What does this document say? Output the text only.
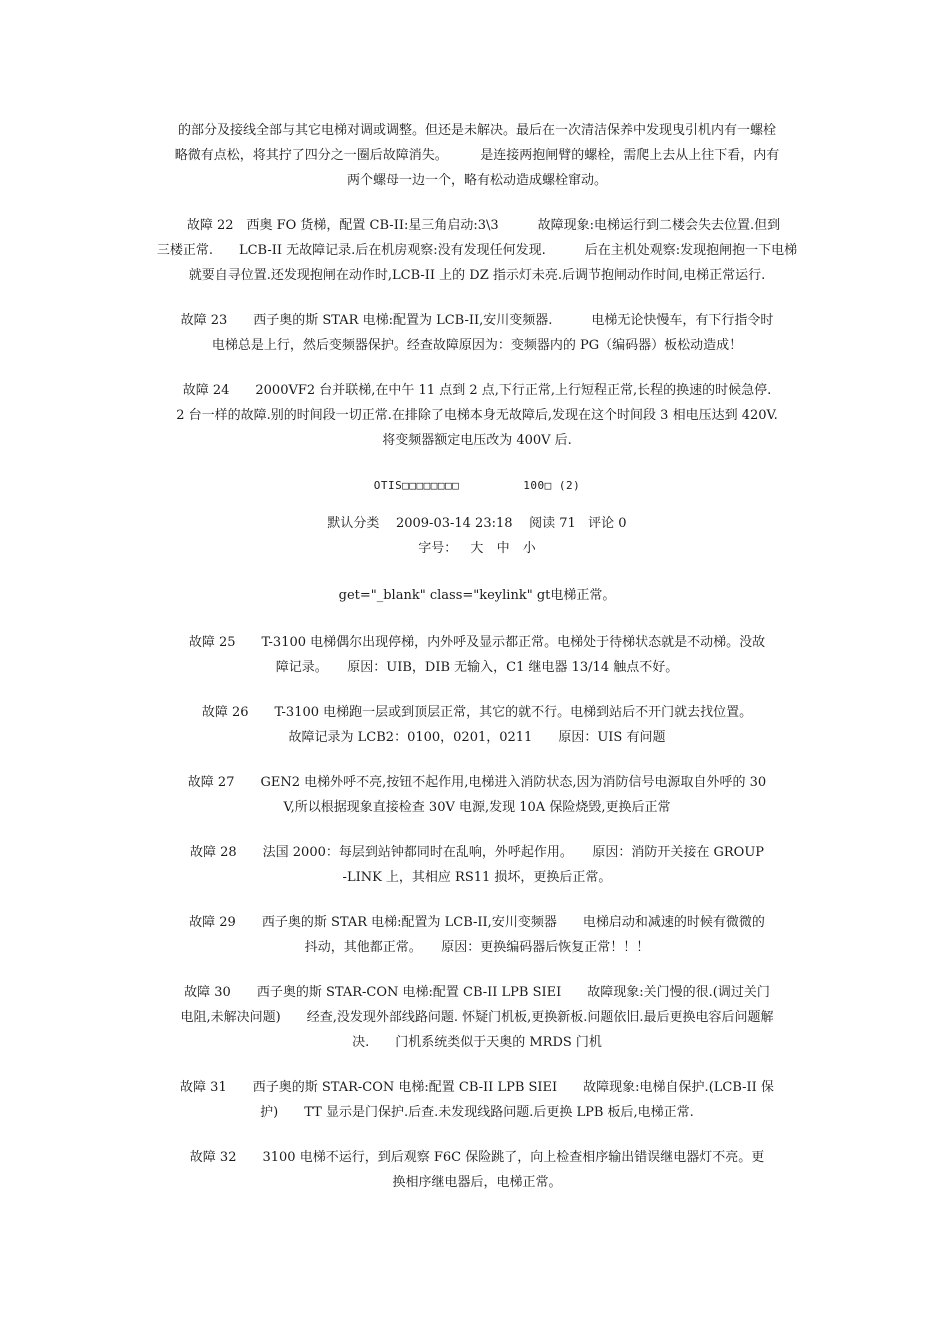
的部分及接线全部与其它电梯对调或调整。但还是未解决。最后在一次清洁保养中发现曳引机内有一螺栓

略微有点松，将其拧了四分之一圈后故障消失。　　　是连接两抱闸臂的螺栓，需爬上去从上往下看，内有

两个螺母一边一个，略有松动造成螺栓窜动。

　故障 22　西奥 FO 货梯，配置 CB-II:星三角启动:3\3　　　故障现象:电梯运行到二楼会失去位置.但到

三楼正常.　　LCB-II 无故障记录.后在机房观察:没有发现任何发现.　　　后在主机处观察:发现抱闸抱一下电梯

就要自寻位置.还发现抱闸在动作时,LCB-II 上的 DZ 指示灯未亮.后调节抱闸动作时间,电梯正常运行.

故障 23　　西子奥的斯 STAR 电梯:配置为 LCB-II,安川变频器.　　　电梯无论快慢车，有下行指令时

电梯总是上行，然后变频器保护。经查故障原因为：变频器内的 PG（编码器）板松动造成！

故障 24　　2000VF2 台并联梯,在中午 11 点到 2 点,下行正常,上行短程正常,长程的换速的时候急停.

2 台一样的故障.别的时间段一切正常.在排除了电梯本身无故障后,发现在这个时间段 3 相电压达到 420V.

将变频器额定电压改为 400V 后.

OTIS□□□□□□□□	100□ (2)
默认分类 2009-03-14 23:18 阅读 71 评论 0
字号： 大 中 小
get="_blank" class="keylink" gt电梯正常。

故障 25　　T-3100 电梯偶尔出现停梯，内外呼及显示都正常。电梯处于待梯状态就是不动梯。没故

障记录。　　原因：UIB，DIB 无输入，C1 继电器 13/14 触点不好。

故障 26　　T-3100 电梯跑一层或到顶层正常，其它的就不行。电梯到站后不开门就去找位置。

故障记录为 LCB2：0100，0201，0211　　原因：UIS 有问题

故障 27　　GEN2 电梯外呼不亮,按钮不起作用,电梯进入消防状态,因为消防信号电源取自外呼的 30

V,所以根据现象直接检查 30V 电源,发现 10A 保险烧毁,更换后正常

故障 28　　法国 2000：每层到站钟都同时在乱响，外呼起作用。　　原因：消防开关接在 GROUP

-LINK 上，其相应 RS11 损坏，更换后正常。

故障 29　　西子奥的斯 STAR 电梯:配置为 LCB-II,安川变频器　　电梯启动和减速的时候有微微的

抖动，其他都正常。　　原因：更换编码器后恢复正常！！！

故障 30　　西子奥的斯 STAR-CON 电梯:配置 CB-II LPB SIEI　　故障现象:关门慢的很.(调过关门

电阻,未解决问题)　　经查,没发现外部线路问题. 怀疑门机板,更换新板.问题依旧.最后更换电容后问题解

决.　　门机系统类似于天奥的 MRDS 门机

故障 31　　西子奥的斯 STAR-CON 电梯:配置 CB-II LPB SIEI　　故障现象:电梯自保护.(LCB-II 保

护)　　TT 显示是门保护.后查.未发现线路问题.后更换 LPB 板后,电梯正常.

故障 32　　3100 电梯不运行，到后观察 F6C 保险跳了，向上检查相序输出错误继电器灯不亮。更

换相序继电器后，电梯正常。
